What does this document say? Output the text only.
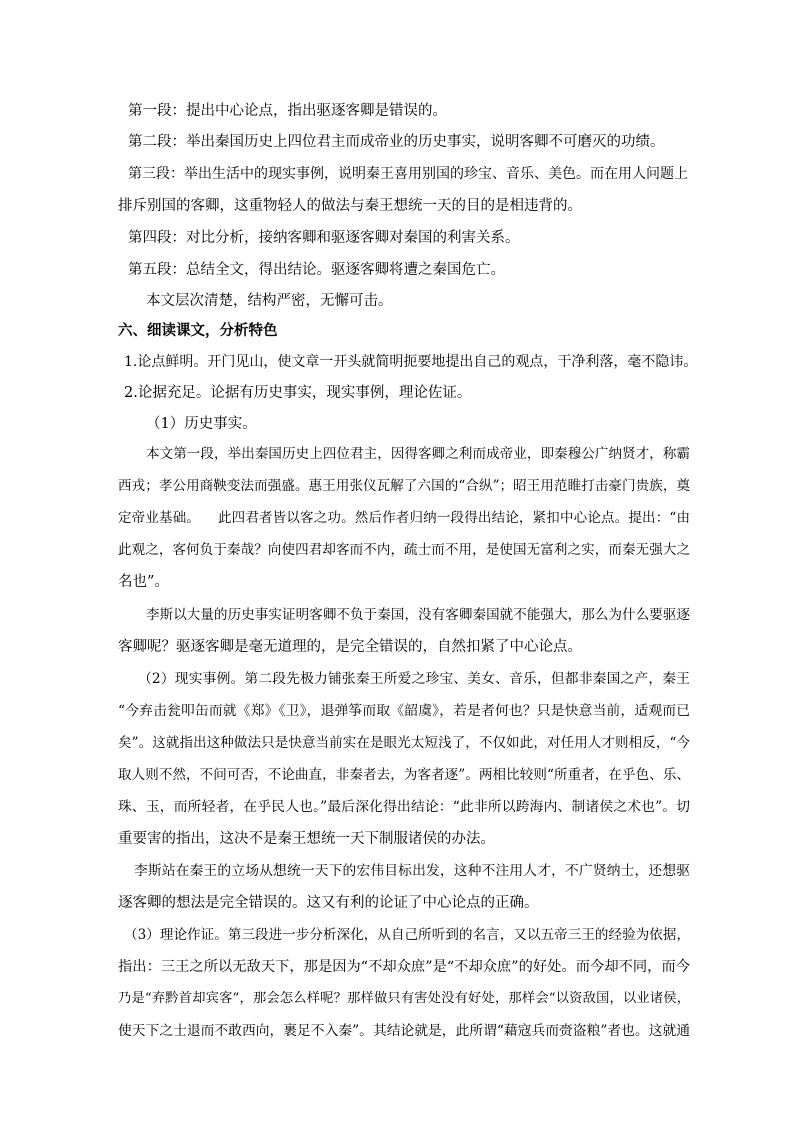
第一段：提出中心论点，指出驱逐客卿是错误的。
第二段：举出秦国历史上四位君主而成帝业的历史事实，说明客卿不可磨灭的功绩。
第三段：举出生活中的现实事例，说明秦王喜用别国的珍宝、音乐、美色。而在用人问题上
排斥别国的客卿，这重物轻人的做法与秦王想统一天的目的是相违背的。
第四段：对比分析，接纳客卿和驱逐客卿对秦国的利害关系。
第五段：总结全文，得出结论。驱逐客卿将遭之秦国危亡。
本文层次清楚，结构严密，无懈可击。
六、细读课文，分析特色
1.论点鲜明。开门见山，使文章一开头就简明扼要地提出自己的观点，干净利落，毫不隐讳。
2.论据充足。论据有历史事实，现实事例，理论佐证。
（1）历史事实。
本文第一段，举出秦国历史上四位君主，因得客卿之利而成帝业，即秦穆公广纳贤才，称霸
西戎；孝公用商鞅变法而强盛。惠王用张仪瓦解了六国的“合纵”；昭王用范睢打击豪门贵族，奠
定帝业基础。    此四君者皆以客之功。然后作者归纳一段得出结论，紧扣中心论点。提出：“由
此观之，客何负于秦哉？向使四君却客而不内，疏士而不用，是使国无富利之实，而秦无强大之
名也”。
李斯以大量的历史事实证明客卿不负于秦国，没有客卿秦国就不能强大，那么为什么要驱逐
客卿呢？驱逐客卿是毫无道理的，是完全错误的，自然扣紧了中心论点。
（2）现实事例。第二段先极力铺张秦王所爱之珍宝、美女、音乐，但都非秦国之产，秦王
“今弃击瓮叩缶而就《郑》《卫》，退弹筝而取《韶虞》，若是者何也？只是快意当前，适观而已
矣”。这就指出这种做法只是快意当前实在是眼光太短浅了，不仅如此，对任用人才则相反，“今
取人则不然，不问可否，不论曲直，非秦者去，为客者逐”。两相比较则“所重者，在乎色、乐、
珠、玉，而所轻者，在乎民人也。”最后深化得出结论：“此非所以跨海内、制诸侯之术也”。切
重要害的指出，这决不是秦王想统一天下制服诸侯的办法。
李斯站在秦王的立场从想统一天下的宏伟目标出发，这种不注用人才，不广贤纳士，还想驱
逐客卿的想法是完全错误的。这又有利的论证了中心论点的正确。
（3）理论作证。第三段进一步分析深化，从自己所听到的名言，又以五帝三王的经验为依据，
指出：三王之所以无敌天下，那是因为“不却众庶”是“不却众庶”的好处。而今却不同，而今
乃是“弃黔首却宾客”，那会怎么样呢？那样做只有害处没有好处，那样会“以资敌国，以业诸侯，
使天下之士退而不敢西向，裹足不入秦”。其结论就是，此所谓“藉寇兵而赍盗粮”者也。这就通
